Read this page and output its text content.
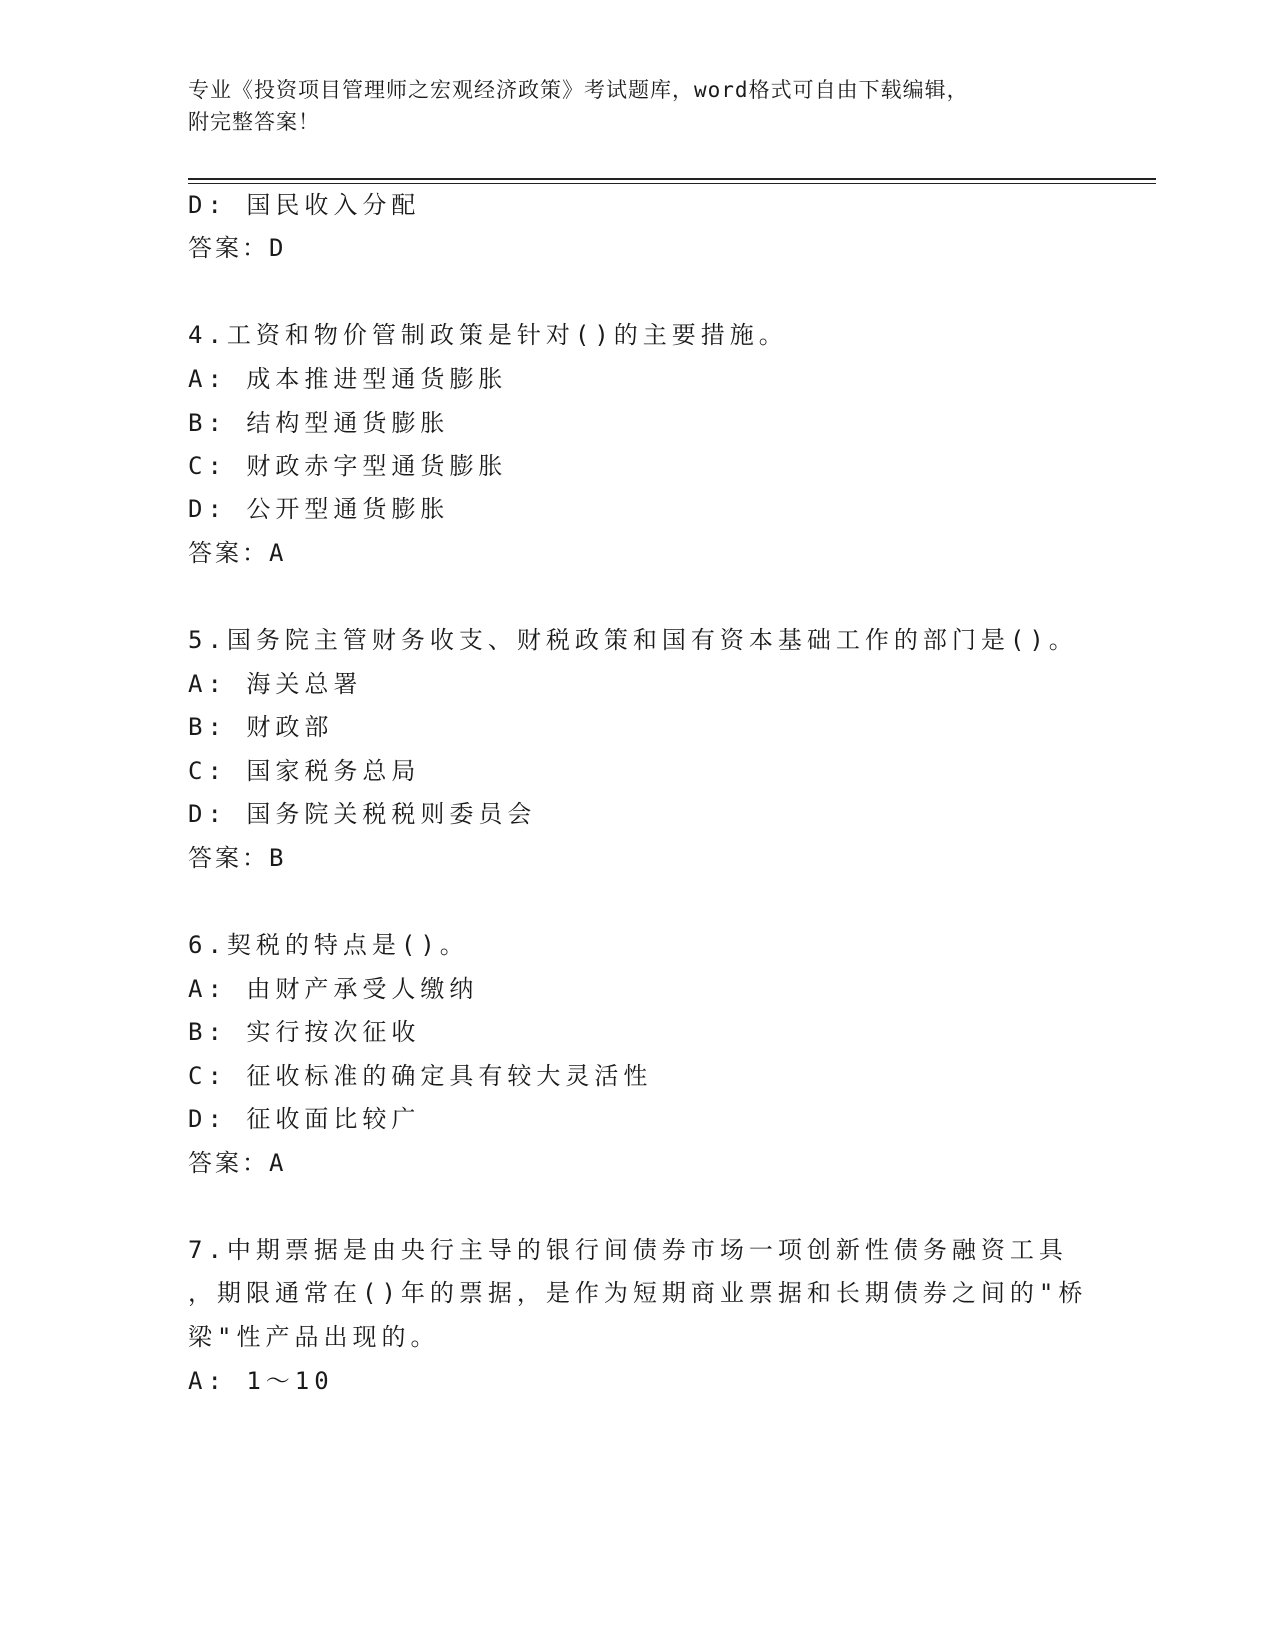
专业《投资项目管理师之宏观经济政策》考试题库，word格式可自由下载编辑，
附完整答案！
D: 国民收入分配
答案：D
4.工资和物价管制政策是针对()的主要措施。
A: 成本推进型通货膨胀
B: 结构型通货膨胀
C: 财政赤字型通货膨胀
D: 公开型通货膨胀
答案：A
5.国务院主管财务收支、财税政策和国有资本基础工作的部门是()。
A: 海关总署
B: 财政部
C: 国家税务总局
D: 国务院关税税则委员会
答案：B
6.契税的特点是()。
A: 由财产承受人缴纳
B: 实行按次征收
C: 征收标准的确定具有较大灵活性
D: 征收面比较广
答案：A
7.中期票据是由央行主导的银行间债券市场一项创新性债务融资工具
，期限通常在()年的票据，是作为短期商业票据和长期债券之间的"桥
梁"性产品出现的。
A: 1～10
